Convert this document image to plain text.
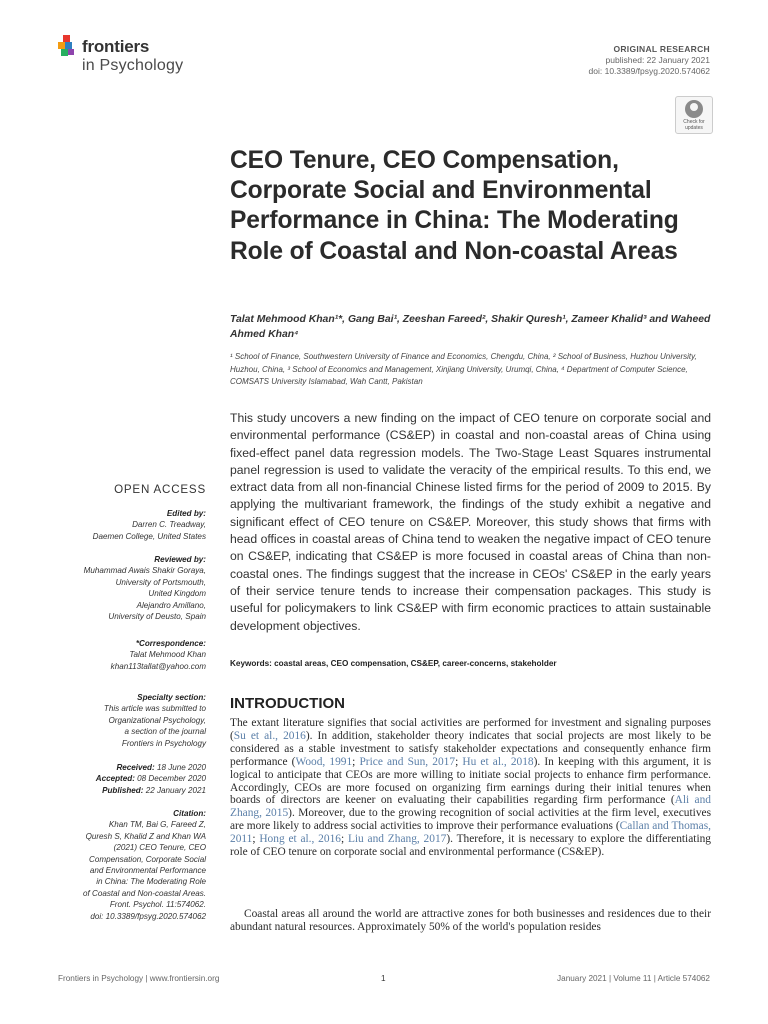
frontiers
in Psychology
ORIGINAL RESEARCH
published: 22 January 2021
doi: 10.3389/fpsyg.2020.574062
Check for
updates
CEO Tenure, CEO Compensation, Corporate Social and Environmental Performance in China: The Moderating Role of Coastal and Non-coastal Areas
Talat Mehmood Khan¹*, Gang Bai¹, Zeeshan Fareed², Shakir Quresh¹, Zameer Khalid³ and Waheed Ahmed Khan⁴
¹ School of Finance, Southwestern University of Finance and Economics, Chengdu, China, ² School of Business, Huzhou University, Huzhou, China, ³ School of Economics and Management, Xinjiang University, Urumqi, China, ⁴ Department of Computer Science, COMSATS University Islamabad, Wah Cantt, Pakistan
This study uncovers a new finding on the impact of CEO tenure on corporate social and environmental performance (CS&EP) in coastal and non-coastal areas of China using fixed-effect panel data regression models. The Two-Stage Least Squares instrumental panel regression is used to validate the veracity of the empirical results. To this end, we extract data from all non-financial Chinese listed firms for the period of 2009 to 2015. By applying the multivariant framework, the findings of the study exhibit a negative and significant effect of CEO tenure on CS&EP. Moreover, this study shows that firms with head offices in coastal areas of China tend to weaken the negative impact of CEO tenure on CS&EP, indicating that CS&EP is more focused in coastal areas of China than non-coastal ones. The findings suggest that the increase in CEOs' CS&EP in the early years of their service tenure tends to increase their compensation packages. This study is useful for policymakers to link CS&EP with firm economic practices to attain sustainable development objectives.
Keywords: coastal areas, CEO compensation, CS&EP, career-concerns, stakeholder
OPEN ACCESS
Edited by:
Darren C. Treadway,
Daemen College, United States
Reviewed by:
Muhammad Awais Shakir Goraya,
University of Portsmouth,
United Kingdom
Alejandro Amillano,
University of Deusto, Spain
*Correspondence:
Talat Mehmood Khan
khan113tallat@yahoo.com
Specialty section:
This article was submitted to
Organizational Psychology,
a section of the journal
Frontiers in Psychology
Received: 18 June 2020
Accepted: 08 December 2020
Published: 22 January 2021
Citation:
Khan TM, Bai G, Fareed Z,
Quresh S, Khalid Z and Khan WA
(2021) CEO Tenure, CEO
Compensation, Corporate Social
and Environmental Performance
in China: The Moderating Role
of Coastal and Non-coastal Areas.
Front. Psychol. 11:574062.
doi: 10.3389/fpsyg.2020.574062
INTRODUCTION
The extant literature signifies that social activities are performed for investment and signaling purposes (Su et al., 2016). In addition, stakeholder theory indicates that social projects are most likely to be considered as a stable investment to satisfy stakeholder expectations and consequently enhance firm performance (Wood, 1991; Price and Sun, 2017; Hu et al., 2018). In keeping with this argument, it is logical to anticipate that CEOs are more willing to initiate social projects to enhance firm performance. Accordingly, CEOs are more focused on organizing firm earnings during their initial tenures when boards of directors are keener on evaluating their capabilities regarding firm performance (Ali and Zhang, 2015). Moreover, due to the growing recognition of social activities at the firm level, executives are more likely to address social activities to improve their performance evaluations (Callan and Thomas, 2011; Hong et al., 2016; Liu and Zhang, 2017). Therefore, it is necessary to explore the differentiating role of CEO tenure on corporate social and environmental performance (CS&EP).
Coastal areas all around the world are attractive zones for both businesses and residences due to their abundant natural resources. Approximately 50% of the world's population resides
Frontiers in Psychology | www.frontiersin.org	1	January 2021 | Volume 11 | Article 574062
